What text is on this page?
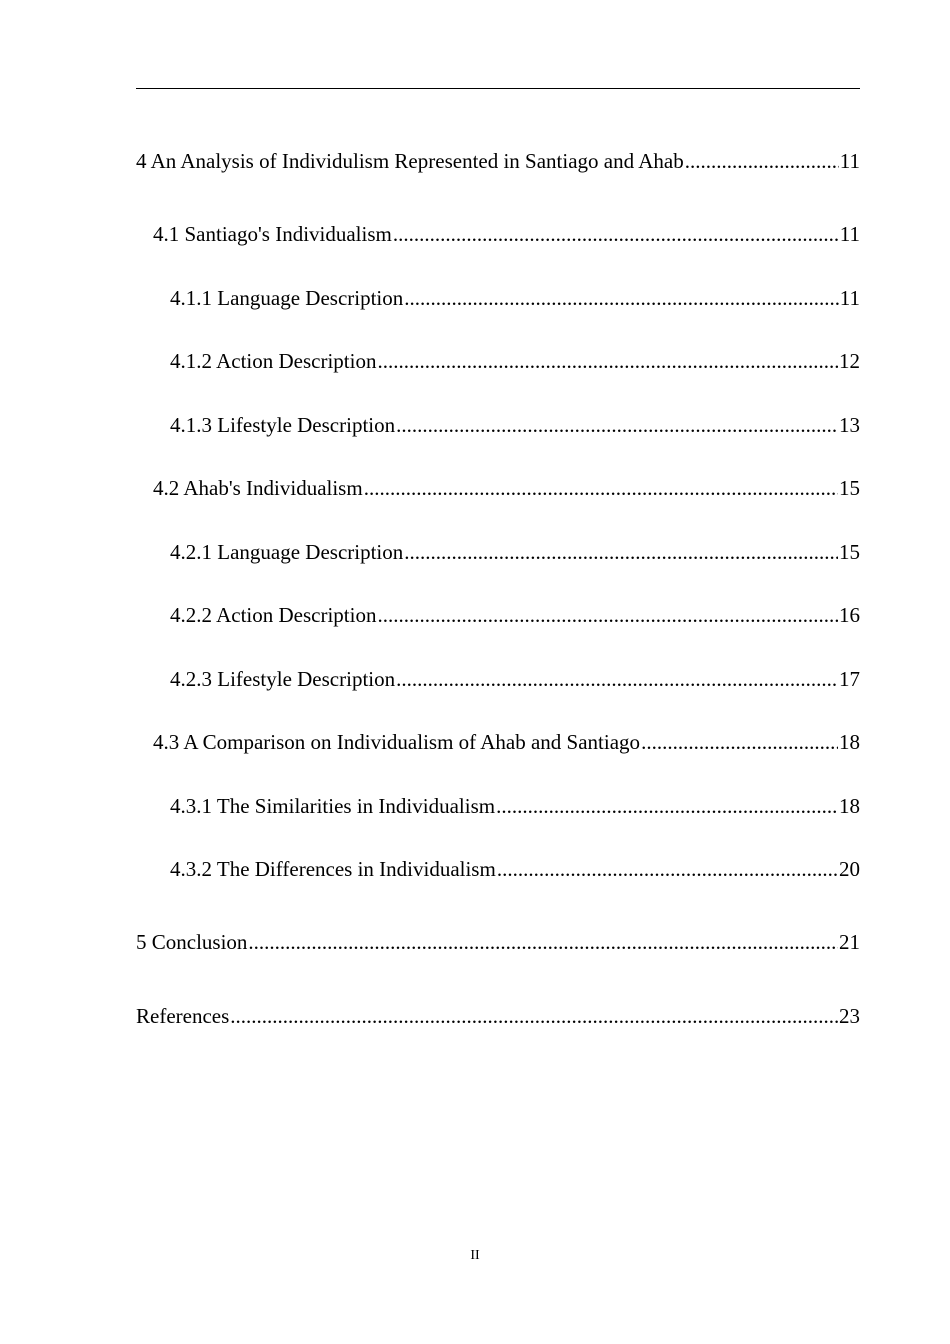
4 An Analysis of Individulism Represented in Santiago and Ahab .....	11
4.1 Santiago's Individualism .....	11
4.1.1 Language Description .....	11
4.1.2 Action Description .....	12
4.1.3 Lifestyle Description .....	13
4.2 Ahab's Individualism .....	15
4.2.1 Language Description .....	15
4.2.2 Action Description .....	16
4.2.3 Lifestyle Description .....	17
4.3 A Comparison on Individualism of Ahab and Santiago .....	18
4.3.1 The Similarities in Individualism .....	18
4.3.2 The Differences in Individualism .....	20
5 Conclusion .....	21
References .....	23
II
